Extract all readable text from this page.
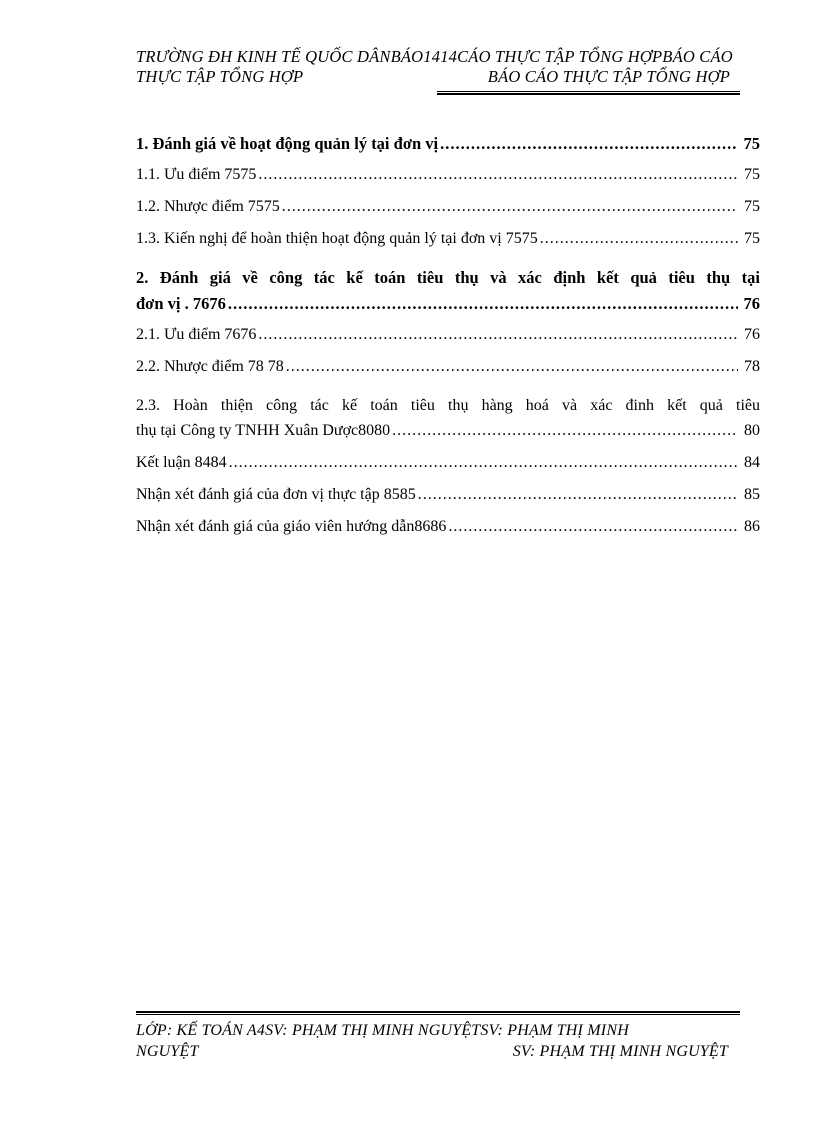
TRƯỜNG ĐH KINH TẾ QUỐC DÂNBÁO1414CÁO THỰC TẬP TỔNG HỢPBÁO CÁO
THỰC TẬP TỔNG HỢP	BÁO CÁO THỰC TẬP TỔNG HỢP
1. Đánh giá về hoạt động quản lý tại đơn vị .....	75
1.1. Ưu điểm 7575 .....	75
1.2. Nhược điểm 7575 .....	75
1.3. Kiến nghị để hoàn thiện hoạt động quản lý tại đơn vị 7575 .....	75
2. Đánh giá về công tác kế toán tiêu thụ và xác định kết quả tiêu thụ tại
đơn vị . 7676 .....	76
2.1. Ưu điểm 7676 .....	76
2.2. Nhược điểm 78 78 .....	78
2.3. Hoàn thiện công tác kế toán tiêu thụ hàng hoá và xác đinh kết quả tiêu
thụ tại Công ty TNHH Xuân Dược8080 .....	80
Kết luận 8484 .....	84
Nhận xét đánh giá của đơn vị thực tập 8585 .....	85
Nhận xét đánh giá của giáo viên hướng dẫn8686 .....	86
LỚP: KẾ TOÁN A4SV: PHẠM THỊ MINH NGUYỆTSV: PHẠM THỊ MINH
NGUYỆT	SV: PHẠM THỊ MINH NGUYỆT
